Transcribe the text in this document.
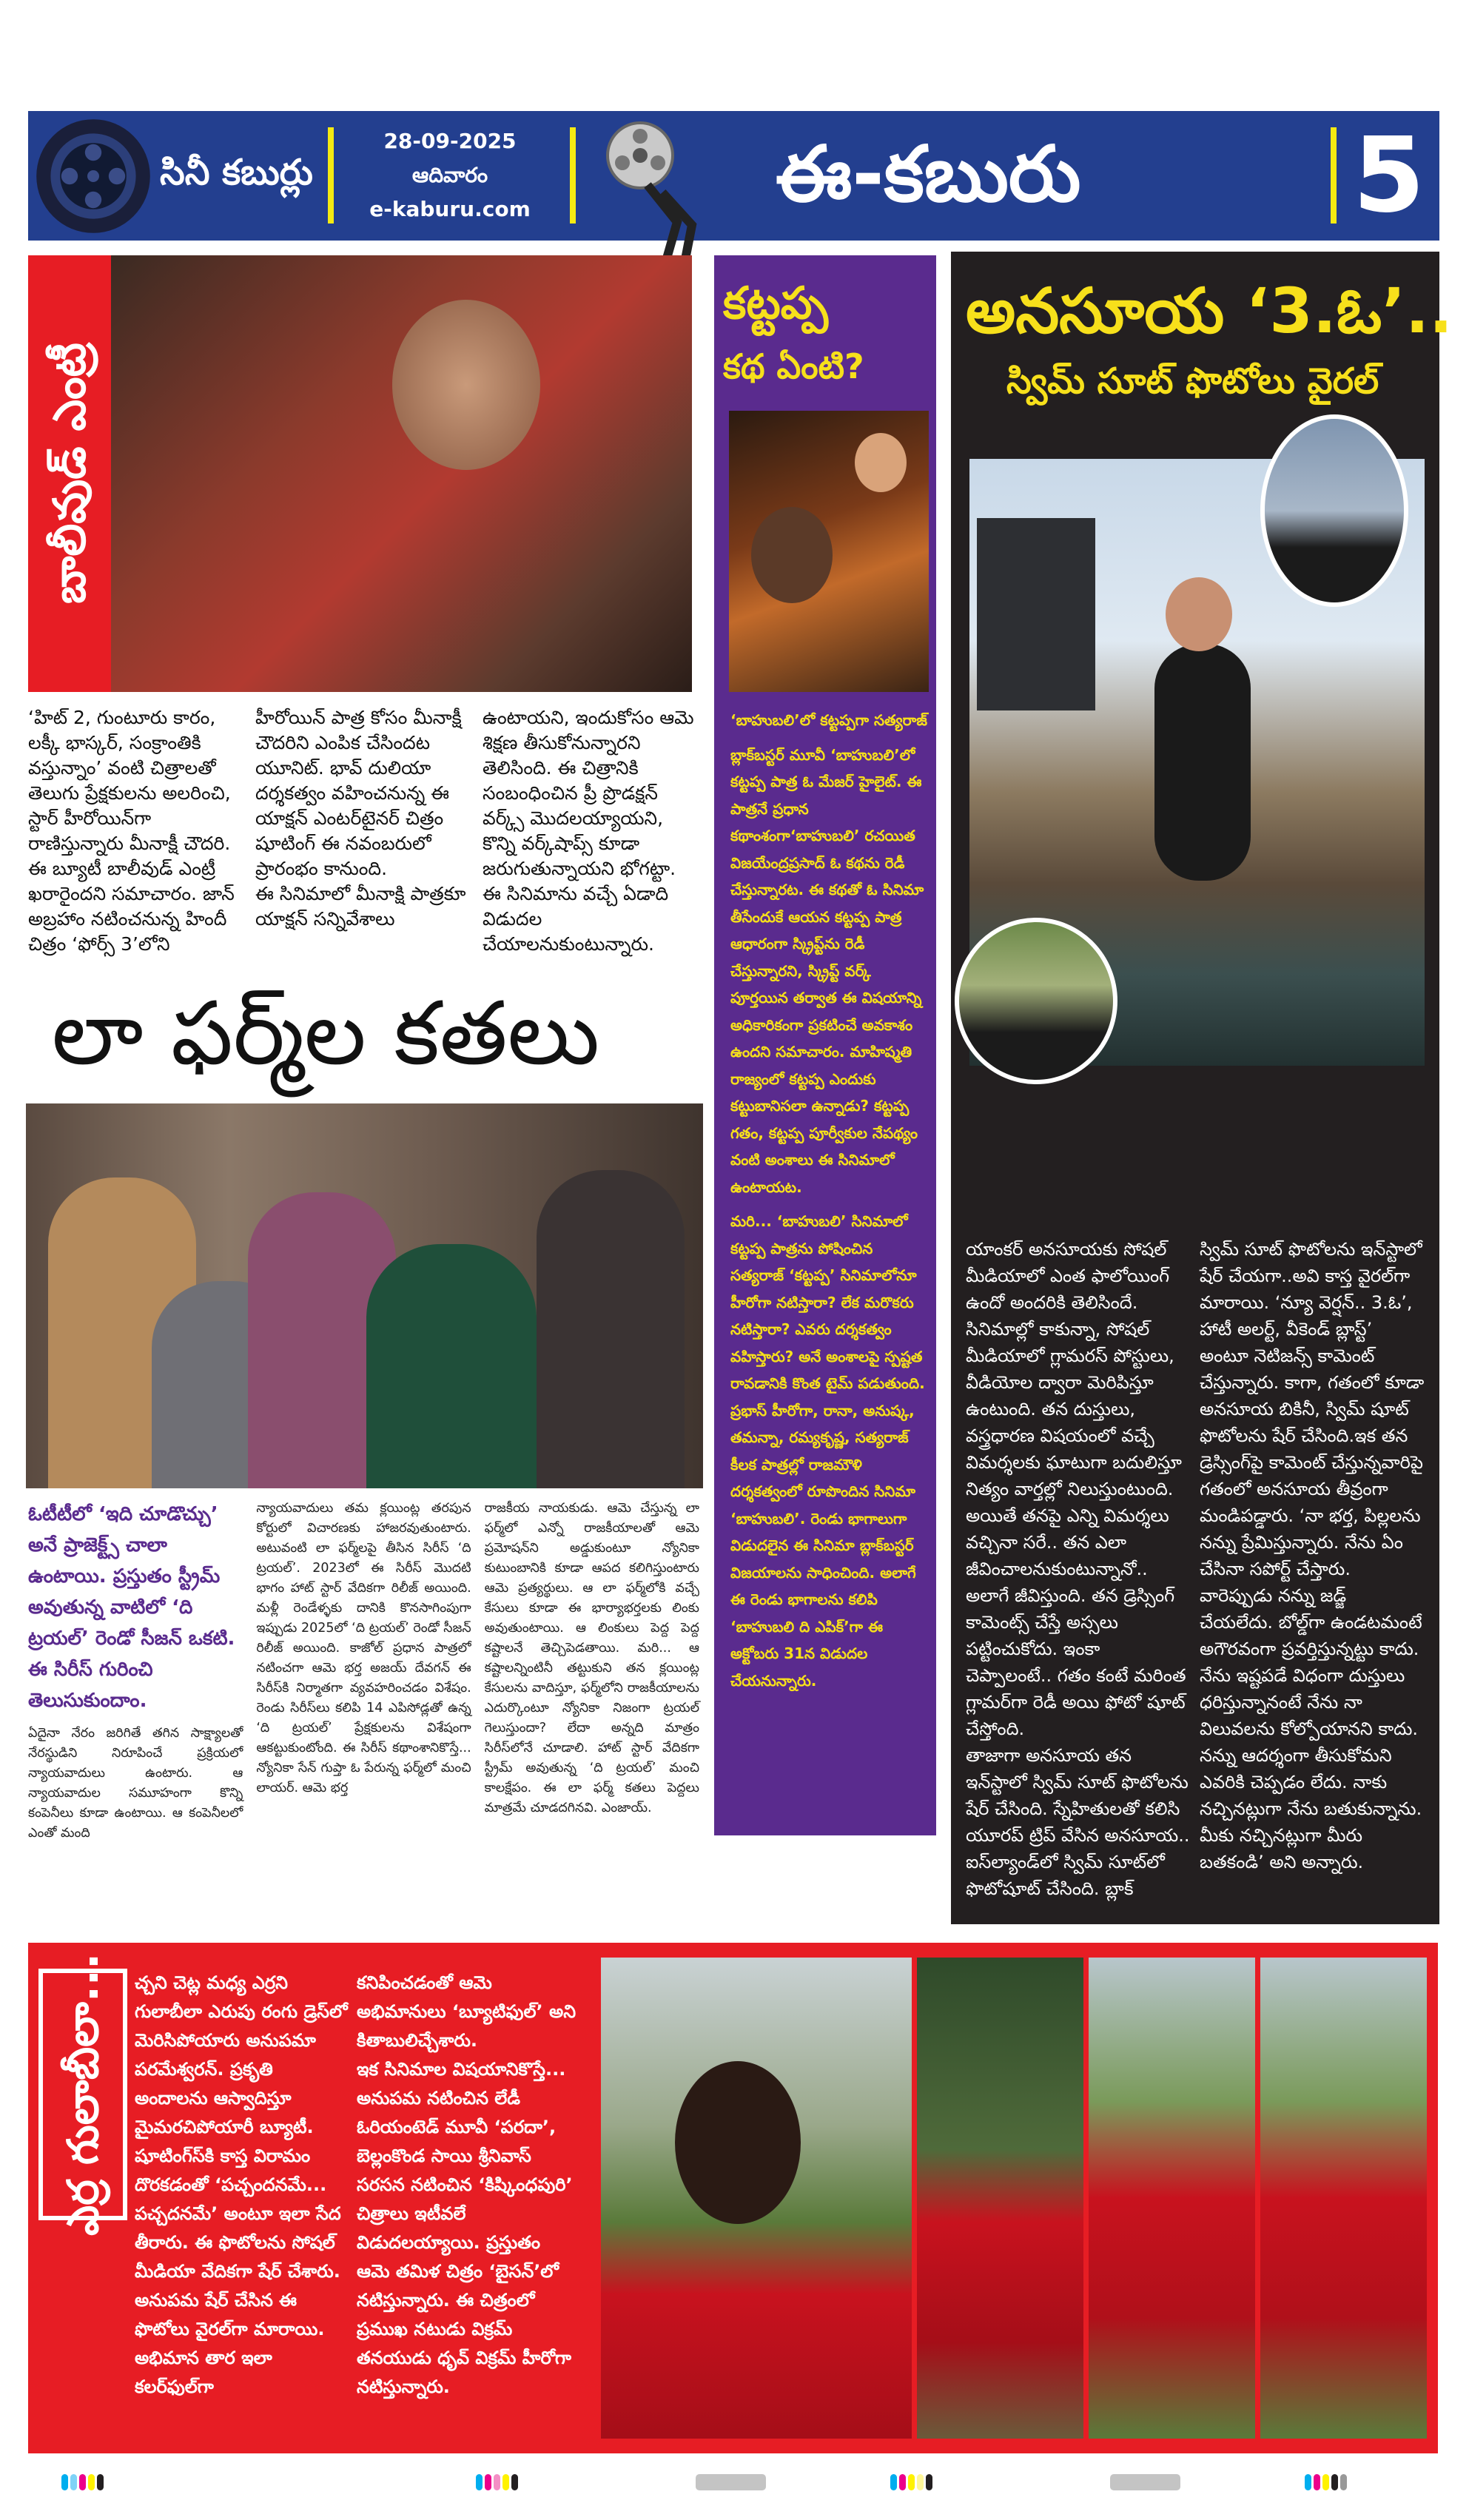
సినీ కబుర్లు
28-09-2025
ఆదివారం
e-kaburu.com	ఈ-కబురు	5
బాలీవుడ్ ఎంట్రీ
‘హిట్ 2, గుంటూరు కారం, లక్కీ భాస్కర్, సంక్రాంతికి వస్తున్నాం’ వంటి చిత్రాలతో తెలుగు ప్రేక్షకులను అలరించి, స్టార్ హీరోయిన్‌గా రాణిస్తున్నారు మీనాక్షీ చౌదరి. ఈ బ్యూటీ బాలీవుడ్ ఎంట్రీ ఖరారైందని సమాచారం. జాన్ అబ్రహాం నటించనున్న హిందీ చిత్రం ‘ఫోర్స్ 3’లోని
హీరోయిన్ పాత్ర కోసం మీనాక్షీ చౌదరిని ఎంపిక చేసిందట యూనిట్. భావ్ దులియా దర్శకత్వం వహించనున్న ఈ యాక్షన్ ఎంటర్‌టైనర్ చిత్రం షూటింగ్ ఈ నవంబరులో ప్రారంభం కానుంది.
ఈ సినిమాలో మీనాక్షి పాత్రకూ యాక్షన్ సన్నివేశాలు
ఉంటాయని, ఇందుకోసం ఆమె శిక్షణ తీసుకోనున్నారని తెలిసింది. ఈ చిత్రానికి సంబంధించిన ప్రీ ప్రొడక్షన్ వర్క్స్ మొదలయ్యాయని, కొన్ని వర్క్‌షాప్స్ కూడా జరుగుతున్నాయని భోగట్టా. ఈ సినిమాను వచ్చే ఏడాది విడుదల చేయాలనుకుంటున్నారు.
లా ఫర్మ్‌ల కతలు
ఓటీటీలో ‘ఇది చూడొచ్చు’ అనే ప్రాజెక్ట్స్ చాలా ఉంటాయి. ప్రస్తుతం స్ట్రీమ్ అవుతున్న వాటిలో ‘ది ట్రయల్’ రెండో సీజన్ ఒకటి. ఈ సిరీస్ గురించి తెలుసుకుందాం.
ఏదైనా నేరం జరిగితే తగిన సాక్ష్యాలతో నేరస్థుడిని నిరూపించే ప్రక్రియలో న్యాయవాదులు ఉంటారు. ఆ న్యాయవాదుల సమూహంగా కొన్ని కంపెనీలు కూడా ఉంటాయి. ఆ కంపెనీలలో ఎంతో మంది
న్యాయవాదులు తమ క్లయింట్ల తరపున కోర్టులో విచారణకు హాజరవుతుంటారు. అటువంటి లా ఫర్మ్‌లపై తీసిన సిరీస్ ‘ది ట్రయల్’. 2023లో ఈ సిరీస్ మొదటి భాగం హాట్ స్టార్ వేదికగా రిలీజ్ అయింది. మళ్లీ రెండేళ్ళకు దానికి కొనసాగింపుగా ఇప్పుడు 2025లో ‘ది ట్రయల్’ రెండో సీజన్ రిలీజ్ అయింది. కాజోల్ ప్రధాన పాత్రలో నటించగా ఆమె భర్త అజయ్ దేవగన్ ఈ సిరీస్‌కి నిర్మాతగా వ్యవహరించడం విశేషం. రెండు సిరీస్‌లు కలిపి 14 ఎపిసోడ్లతో ఉన్న ‘ది ట్రయల్’ ప్రేక్షకులను విశేషంగా ఆకట్టుకుంటోంది. ఈ సిరీస్ కథాంశానికొస్తే... న్యోనికా సేన్ గుప్తా ఓ పేరున్న ఫర్మ్‌లో మంచి లాయర్. ఆమె భర్త
రాజకీయ నాయకుడు. ఆమె చేస్తున్న లా ఫర్మ్‌లో ఎన్నో రాజకీయాలతో ఆమె ప్రమోషన్‌ని అడ్డుకుంటూ న్యోనికా కుటుంబానికి కూడా ఆపద కలిగిస్తుంటారు ఆమె ప్రత్యర్థులు. ఆ లా ఫర్మ్‌లోకి వచ్చే కేసులు కూడా ఈ భార్యాభర్తలకు లింకు అవుతుంటాయి. ఆ లింకులు పెద్ద పెద్ద కష్టాలనే తెచ్చిపెడతాయి. మరి... ఆ కష్టాలన్నింటినీ తట్టుకుని తన క్లయింట్ల కేసులను వాదిస్తూ, ఫర్మ్‌లోని రాజకీయాలను ఎదుర్కొంటూ న్యోనికా నిజంగా ట్రయల్ గెలుస్తుందా? లేదా అన్నది మాత్రం సిరీస్‌లోనే చూడాలి. హాట్ స్టార్ వేదికగా స్ట్రీమ్ అవుతున్న ‘ది ట్రయల్’ మంచి కాలక్షేపం. ఈ లా ఫర్మ్ కతలు పెద్దలు మాత్రమే చూడదగినవి. ఎంజాయ్.
కట్టప్ప
కథ ఏంటి?
‘బాహుబలి’లో కట్టప్పగా సత్యరాజ్
బ్లాక్‌బస్టర్ మూవీ ‘బాహుబలి’లో కట్టప్ప పాత్ర ఓ మేజర్ హైలైట్. ఈ పాత్రనే ప్రధాన కథాంశంగా‘బాహుబలి’ రచయిత విజయేంద్రప్రసాద్ ఓ కథను రెడీ చేస్తున్నారట. ఈ కథతో ఓ సినిమా తీసేందుకే ఆయన కట్టప్ప పాత్ర ఆధారంగా స్క్రిప్ట్‌ను రెడీ చేస్తున్నారని, స్క్రిప్ట్ వర్క్ పూర్తయిన తర్వాత ఈ విషయాన్ని అధికారికంగా ప్రకటించే అవకాశం ఉందని సమాచారం. మాహిష్మతి రాజ్యంలో కట్టప్ప ఎందుకు కట్టుబానిసలా ఉన్నాడు? కట్టప్ప గతం, కట్టప్ప పూర్వీకుల నేపథ్యం వంటి అంశాలు ఈ సినిమాలో ఉంటాయట.
మరి... ‘బాహుబలి’ సినిమాలో కట్టప్ప పాత్రను పోషించిన సత్యరాజ్ ‘కట్టప్ప’ సినిమాలోనూ హీరోగా నటిస్తారా? లేక మరొకరు నటిస్తారా? ఎవరు దర్శకత్వం వహిస్తారు? అనే అంశాలపై స్పష్టత రావడానికి కొంత టైమ్ పడుతుంది. ప్రభాస్ హీరోగా, రానా, అనుష్క, తమన్నా, రమ్యకృష్ణ, సత్యరాజ్ కీలక పాత్రల్లో రాజమౌళి దర్శకత్వంలో రూపొందిన సినిమా ‘బాహుబలి’. రెండు భాగాలుగా విడుదలైన ఈ సినిమా బ్లాక్‌బస్టర్ విజయాలను సాధించింది. అలాగే ఈ రెండు భాగాలను కలిపి ‘బాహుబలి ది ఎపిక్’గా ఈ అక్టోబరు 31న విడుదల చేయనున్నారు.
అనసూయ ‘3.ఓ’..
స్విమ్ సూట్ ఫొటోలు వైరల్
యాంకర్ అనసూయకు సోషల్ మీడియాలో ఎంత ఫాలోయింగ్ ఉందో అందరికి తెలిసిందే. సినిమాల్లో కాకున్నా, సోషల్ మీడియాలో గ్లామరస్ పోస్టులు, వీడియోల ద్వారా మెరిపిస్తూ ఉంటుంది. తన దుస్తులు, వస్త్రధారణ విషయంలో వచ్చే విమర్శలకు ఘాటుగా బదులిస్తూ నిత్యం వార్తల్లో నిలుస్తుంటుంది. అయితే తనపై ఎన్ని విమర్శలు వచ్చినా సరే.. తన ఎలా జీవించాలనుకుంటున్నానో.. అలాగే జీవిస్తుంది. తన డ్రెస్సింగ్ కామెంట్స్ చేస్తే అస్సలు పట్టించుకోదు. ఇంకా చెప్పాలంటే.. గతం కంటే మరింత గ్లామర్‌గా రెడీ అయి ఫోటో షూట్ చేస్తోంది.
తాజాగా అనసూయ తన ఇన్‌స్టాలో స్విమ్ సూట్ ఫొటోలను షేర్ చేసింది. స్నేహితులతో కలిసి యూరప్ ట్రిప్ వేసిన అనసూయ.. ఐస్‌ల్యాండ్‌లో స్విమ్ సూట్‌లో ఫొటోషూట్ చేసింది. బ్లాక్
స్విమ్ సూట్ ఫొటోలను ఇన్‌స్టాలో షేర్ చేయగా..అవి కాస్త వైరల్‌గా మారాయి. ‘న్యూ వెర్షన్.. 3.ఓ’, హాటీ అలర్ట్, వీకెండ్ బ్లాస్ట్’ అంటూ నెటిజన్స్ కామెంట్ చేస్తున్నారు. కాగా, గతంలో కూడా అనసూయ బికినీ, స్విమ్ షూట్ ఫొటోలను షేర్ చేసింది.ఇక తన డ్రెస్సింగ్‌పై కామెంట్ చేస్తున్నవారిపై గతంలో అనసూయ తీవ్రంగా మండిపడ్డారు. ‘నా భర్త, పిల్లలను నన్ను ప్రేమిస్తున్నారు. నేను ఏం చేసినా సపోర్ట్ చేస్తారు. వారెప్పుడు నన్ను జడ్జ్ చేయలేదు. బోల్డ్‌గా ఉండటమంటే అగౌరవంగా ప్రవర్తిస్తున్నట్టు కాదు. నేను ఇష్టపడే విధంగా దుస్తులు ధరిస్తున్నానంటే నేను నా విలువలను కోల్పోయానని కాదు. నన్ను ఆదర్శంగా తీసుకోమని ఎవరికి చెప్పడం లేదు. నాకు నచ్చినట్లుగా నేను బతుకున్నాను. మీకు నచ్చినట్లుగా మీరు బతకండి’ అని అన్నారు.
ఎర్ర గులాబీలా...	చ్చని చెట్ల మధ్య ఎర్రని గులాబీలా ఎరుపు రంగు డ్రెస్‌లో మెరిసిపోయారు అనుపమా పరమేశ్వరన్. ప్రకృతి అందాలను ఆస్వాదిస్తూ మైమరచిపోయారీ బ్యూటీ. షూటింగ్‌స్‌కి కాస్త విరామం దొరకడంతో ‘పచ్చందనమే... పచ్చదనమే’ అంటూ ఇలా సేద తీరారు. ఈ ఫొటోలను సోషల్ మీడియా వేదికగా షేర్ చేశారు. అనుపమ షేర్ చేసిన ఈ ఫొటోలు వైరల్‌గా మారాయి. అభిమాన తార ఇలా కలర్‌ఫుల్‌గా
కనిపించడంతో ఆమె అభిమానులు ‘బ్యూటిఫుల్’ అని కితాబులిచ్చేశారు.
ఇక సినిమాల విషయానికొస్తే... అనుపమ నటించిన లేడీ ఓరియంటెడ్ మూవీ ‘పరదా’, బెల్లంకొండ సాయి శ్రీనివాస్ సరసన నటించిన ‘కిష్కింధపురి’ చిత్రాలు ఇటీవలే విడుదలయ్యాయి. ప్రస్తుతం ఆమె తమిళ చిత్రం ‘బైసన్’లో నటిస్తున్నారు. ఈ చిత్రంలో ప్రముఖ నటుడు విక్రమ్ తనయుడు ధృవ్ విక్రమ్ హీరోగా నటిస్తున్నారు.
